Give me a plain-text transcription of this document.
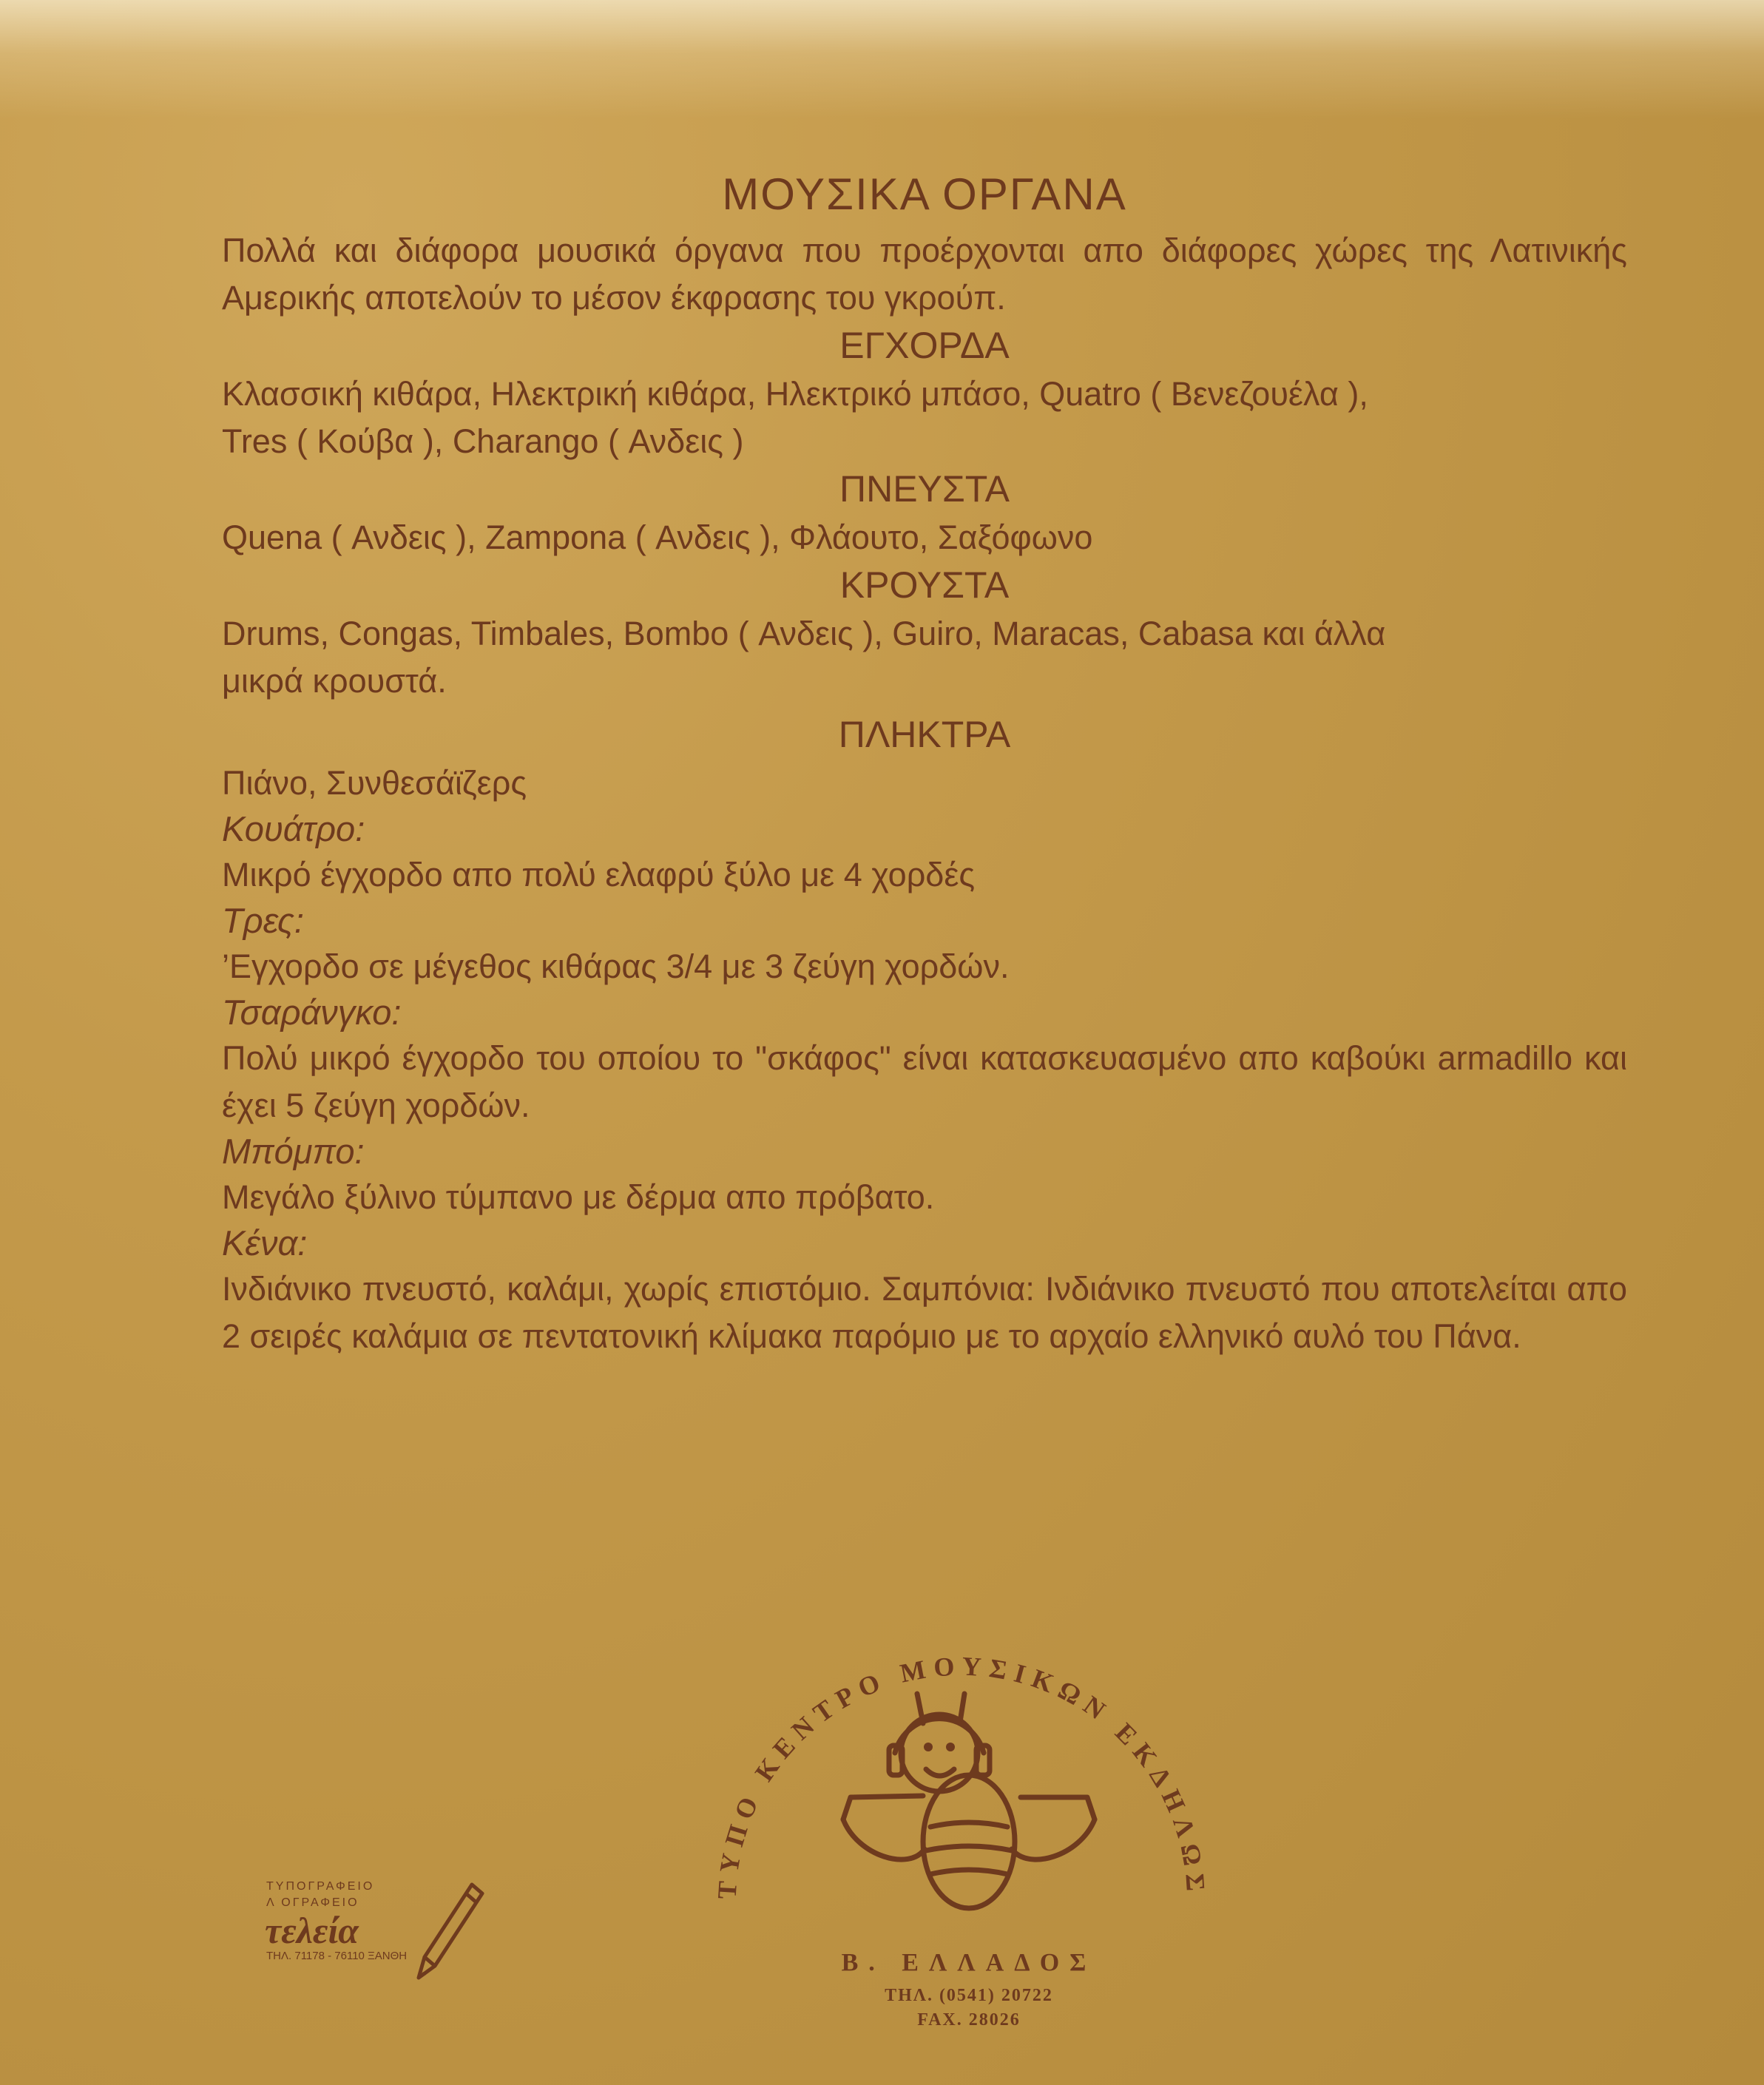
ΜΟΥΣΙΚΑ ΟΡΓΑΝΑ

Πολλά και διάφορα μουσικά όργανα που προέρχονται απο διάφορες χώρες της Λατινικής Αμερικής αποτελούν το μέσον έκφρασης του γκρούπ.

ΕΓΧΟΡΔΑ

Κλασσική κιθάρα, Ηλεκτρική κιθάρα, Ηλεκτρικό μπάσο, Quatro ( Βενεζουέλα ),

Tres ( Κούβα ), Charango ( Ανδεις )

ΠΝΕΥΣΤΑ

Quena ( Ανδεις ), Zampona ( Ανδεις ), Φλάουτο, Σαξόφωνο

ΚΡΟΥΣΤΑ

Drums, Congas, Timbales, Bombo ( Ανδεις ), Guiro, Maracas, Cabasa και άλλα

μικρά κρουστά.

ΠΛΗΚΤΡΑ

Πιάνο, Συνθεσάϊζερς

Κουάτρο:

Μικρό έγχορδο απο πολύ ελαφρύ ξύλο με 4 χορδές

Τρες:

’Εγχορδο σε μέγεθος κιθάρας 3/4 με 3 ζεύγη χορδών.

Τσαράνγκο:

Πολύ μικρό έγχορδο του οποίου το "σκάφος" είναι κατασκευασμένο απο καβούκι armadillo και έχει 5 ζεύγη χορδών.

Μπόμπο:

Μεγάλο ξύλινο τύμπανο με δέρμα απο πρόβατο.

Κένα:

Ινδιάνικο πνευστό, καλάμι, χωρίς επιστόμιο. Σαμπόνια: Ινδιάνικο πνευστό που αποτελείται απο 2 σειρές καλάμια σε πεντατονική κλίμακα παρόμιο με το αρχαίο ελληνικό αυλό του Πάνα.

ΤΥΠΟΓΡΑΦΕΙΟ
Λ ΟΓΡΑΦΕΙΟ
τελεία
ΤΗΛ. 71178 - 76110 ΞΑΝΘΗ
ΤΥΠΟ ΚΕΝΤΡΟ ΜΟΥΣΙΚΩΝ ΕΚΔΗΛΩΣ
Β. ΕΛΛΑΔΟΣ
ΤΗΛ. (0541) 20722
FAX. 28026
